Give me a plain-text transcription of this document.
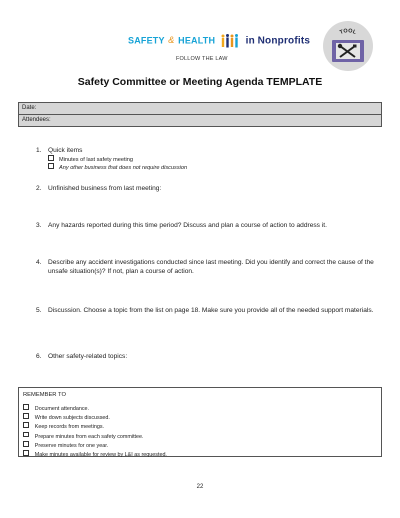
SAFETY & HEALTH	in Nonprofits
FOLLOW THE LAW
TOOL
Safety Committee or Meeting Agenda TEMPLATE
Date:
Attendees:
1. Quick items
Minutes of last safety meeting
Any other business that does not require discussion
2. Unfinished business from last meeting:
3. Any hazards reported during this time period? Discuss and plan a course of action to address it.
4. Describe any accident investigations conducted since last meeting. Did you identify and correct the cause of the unsafe situation(s)? If not, plan a course of action.
5. Discussion. Choose a topic from the list on page 18. Make sure you provide all of the needed support materials.
6. Other safety-related topics:
REMEMBER TO
Document attendance.
Write down subjects discussed.
Keep records from meetings.
Prepare minutes from each safety committee.
Preserve minutes for one year.
Make minutes available for review by L&I as requested.
22
